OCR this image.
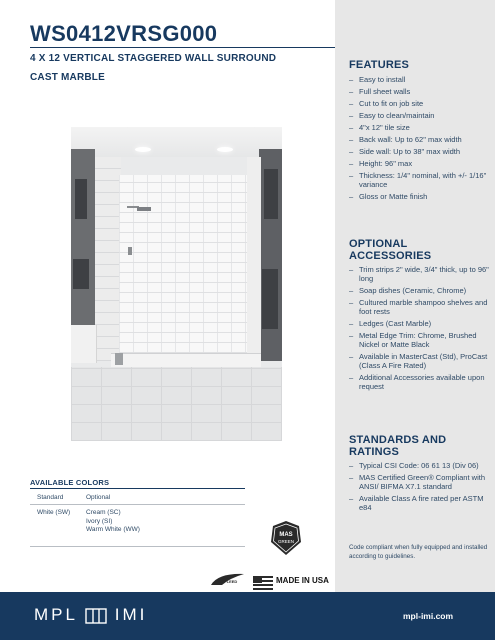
WS0412VRSG000
4 X 12 VERTICAL STAGGERED WALL SURROUND
CAST MARBLE
FEATURES
– Easy to install
– Full sheet walls
– Cut to fit on job site
– Easy to clean/maintain
– 4"x 12" tile size
– Back wall: Up to 62" max width
– Side wall: Up to 38" max width
– Height: 96" max
– Thickness: 1/4" nominal, with +/- 1/16" variance
– Gloss or Matte finish
OPTIONAL ACCESSORIES
– Trim strips 2" wide, 3/4" thick, up to 96" long
– Soap dishes (Ceramic, Chrome)
– Cultured marble shampoo shelves and foot rests
– Ledges (Cast Marble)
– Metal Edge Trim: Chrome, Brushed Nickel or Matte Black
– Available in MasterCast (Std), ProCast (Class A Fire Rated)
– Additional Accessories available upon request
STANDARDS AND RATINGS
– Typical CSI Code: 06 61 13 (Div 06)
– MAS Certified Green® Compliant with ANSI/ BIFMA X7.1 standard
– Available Class A fire rated per ASTM e84
Code compliant when fully equipped and installed according to guidelines.
AVAILABLE COLORS
Standard	Optional
White (SW)	Cream (SC)
Ivory (SI)
Warm White (WW)
MAS
GREEN
LEED	MADE IN USA
MPL IMI	mpl-imi.com
